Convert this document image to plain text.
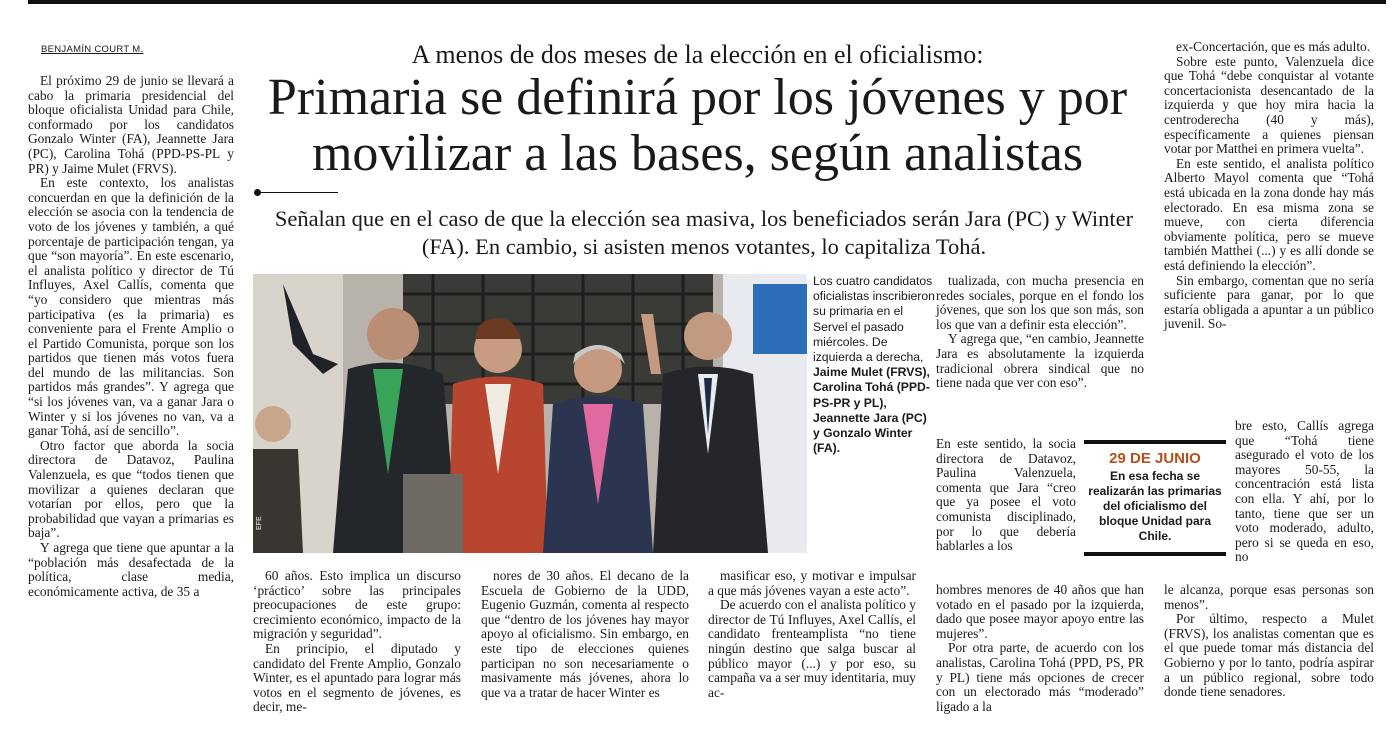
BENJAMÍN COURT M.

El próximo 29 de junio se llevará a cabo la primaria presidencial del bloque oficialista Unidad para Chile, conformado por los candidatos Gonzalo Winter (FA), Jeannette Jara (PC), Carolina Tohá (PPD-PS-PL y PR) y Jaime Mulet (FRVS).

En este contexto, los analistas concuerdan en que la definición de la elección se asocia con la tendencia de voto de los jóvenes y también, a qué porcentaje de participación tengan, ya que “son mayoría”. En este escenario, el analista político y director de Tú Influyes, Axel Callís, comenta que “yo considero que mientras más participativa (es la primaria) es conveniente para el Frente Amplio o el Partido Comunista, porque son los partidos que tienen más votos fuera del mundo de las militancias. Son partidos más grandes”. Y agrega que “si los jóvenes van, va a ganar Jara o Winter y si los jóvenes no van, va a ganar Tohá, así de sencillo”.

Otro factor que aborda la socia directora de Datavoz, Paulina Valenzuela, es que “todos tienen que movilizar a quienes declaran que votarían por ellos, pero que la probabilidad que vayan a primarias es baja”.

Y agrega que tiene que apuntar a la “población más desafectada de la política, clase media, económicamente activa, de 35 a

A menos de dos meses de la elección en el oficialismo:
Primaria se definirá por los jóvenes y por movilizar a las bases, según analistas
Señalan que en el caso de que la elección sea masiva, los beneficiados serán Jara (PC) y Winter (FA). En cambio, si asisten menos votantes, lo capitaliza Tohá.
EFE
Los cuatro candidatos oficialistas inscribieron su primaria en el Servel el pasado miércoles. De izquierda a derecha, Jaime Mulet (FRVS), Carolina Tohá (PPD-PS-PR y PL), Jeannette Jara (PC) y Gonzalo Winter (FA).

60 años. Esto implica un discurso ‘práctico’ sobre las principales preocupaciones de este grupo: crecimiento económico, impacto de la migración y seguridad”.

En principio, el diputado y candidato del Frente Amplio, Gonzalo Winter, es el apuntado para lograr más votos en el segmento de jóvenes, es decir, me-

nores de 30 años. El decano de la Escuela de Gobierno de la UDD, Eugenio Guzmán, comenta al respecto que “dentro de los jóvenes hay mayor apoyo al oficialismo. Sin embargo, en este tipo de elecciones quienes participan no son necesariamente o masivamente más jóvenes, ahora lo que va a tratar de hacer Winter es

masificar eso, y motivar e impulsar a que más jóvenes vayan a este acto”.

De acuerdo con el analista político y director de Tú Influyes, Axel Callís, el candidato frenteamplista “no tiene ningún destino que salga buscar al público mayor (...) y por eso, su campaña va a ser muy identitaria, muy ac-

tualizada, con mucha presencia en redes sociales, porque en el fondo los jóvenes, que son los que son más, son los que van a definir esta elección”.

Y agrega que, “en cambio, Jeannette Jara es absolutamente la izquierda tradicional obrera sindical que no tiene nada que ver con eso”.

En este sentido, la socia directora de Datavoz, Paulina Valenzuela, comenta que Jara “creo que ya posee el voto comunista disciplinado, por lo que debería hablarles a los

hombres menores de 40 años que han votado en el pasado por la izquierda, dado que posee mayor apoyo entre las mujeres”.

Por otra parte, de acuerdo con los analistas, Carolina Tohá (PPD, PS, PR y PL) tiene más opciones de crecer con un electorado más “moderado” ligado a la

ex-Concertación, que es más adulto.

Sobre este punto, Valenzuela dice que Tohá “debe conquistar al votante concertacionista desencantado de la izquierda y que hoy mira hacia la centroderecha (40 y más), específicamente a quienes piensan votar por Matthei en primera vuelta”.

En este sentido, el analista político Alberto Mayol comenta que “Tohá está ubicada en la zona donde hay más electorado. En esa misma zona se mueve, con cierta diferencia obviamente política, pero se mueve también Matthei (...) y es allí donde se está definiendo la elección”.

Sin embargo, comentan que no sería suficiente para ganar, por lo que estaría obligada a apuntar a un público juvenil. So-

bre esto, Callís agrega que “Tohá tiene asegurado el voto de los mayores 50-55, la concentración está lista con ella. Y ahí, por lo tanto, tiene que ser un voto moderado, adulto, pero si se queda en eso, no

le alcanza, porque esas personas son menos”.

Por último, respecto a Mulet (FRVS), los analistas comentan que es el que puede tomar más distancia del Gobierno y por lo tanto, podría aspirar a un público regional, sobre todo donde tiene senadores.

29 DE JUNIO
En esa fecha se realizarán las primarias del oficialismo del bloque Unidad para Chile.
